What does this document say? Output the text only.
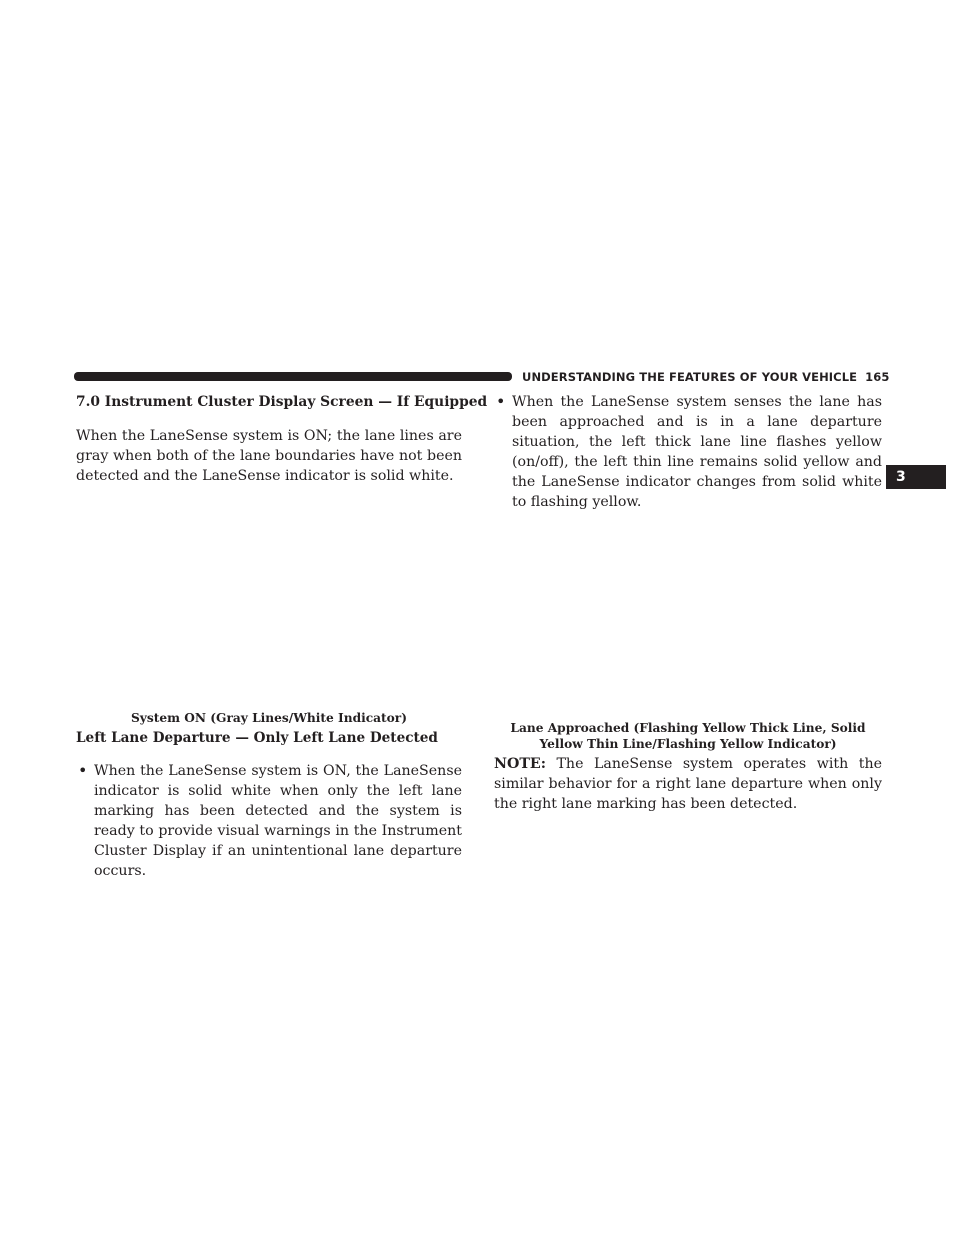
UNDERSTANDING THE FEATURES OF YOUR VEHICLE 165
3
7.0 Instrument Cluster Display Screen — If Equipped

When the LaneSense system is ON; the lane lines are gray when both of the lane boundaries have not been detected and the LaneSense indicator is solid white.

System ON (Gray Lines/White Indicator)
Left Lane Departure — Only Left Lane Detected
• When the LaneSense system is ON, the LaneSense indicator is solid white when only the left lane marking has been detected and the system is ready to provide visual warnings in the Instrument Cluster Display if an unintentional lane departure occurs.
• When the LaneSense system senses the lane has been approached and is in a lane departure situation, the left thick lane line flashes yellow (on/off), the left thin line remains solid yellow and the LaneSense indicator changes from solid white to flashing yellow.
Lane Approached (Flashing Yellow Thick Line, Solid
Yellow Thin Line/Flashing Yellow Indicator)

NOTE: The LaneSense system operates with the similar behavior for a right lane departure when only the right lane marking has been detected.
